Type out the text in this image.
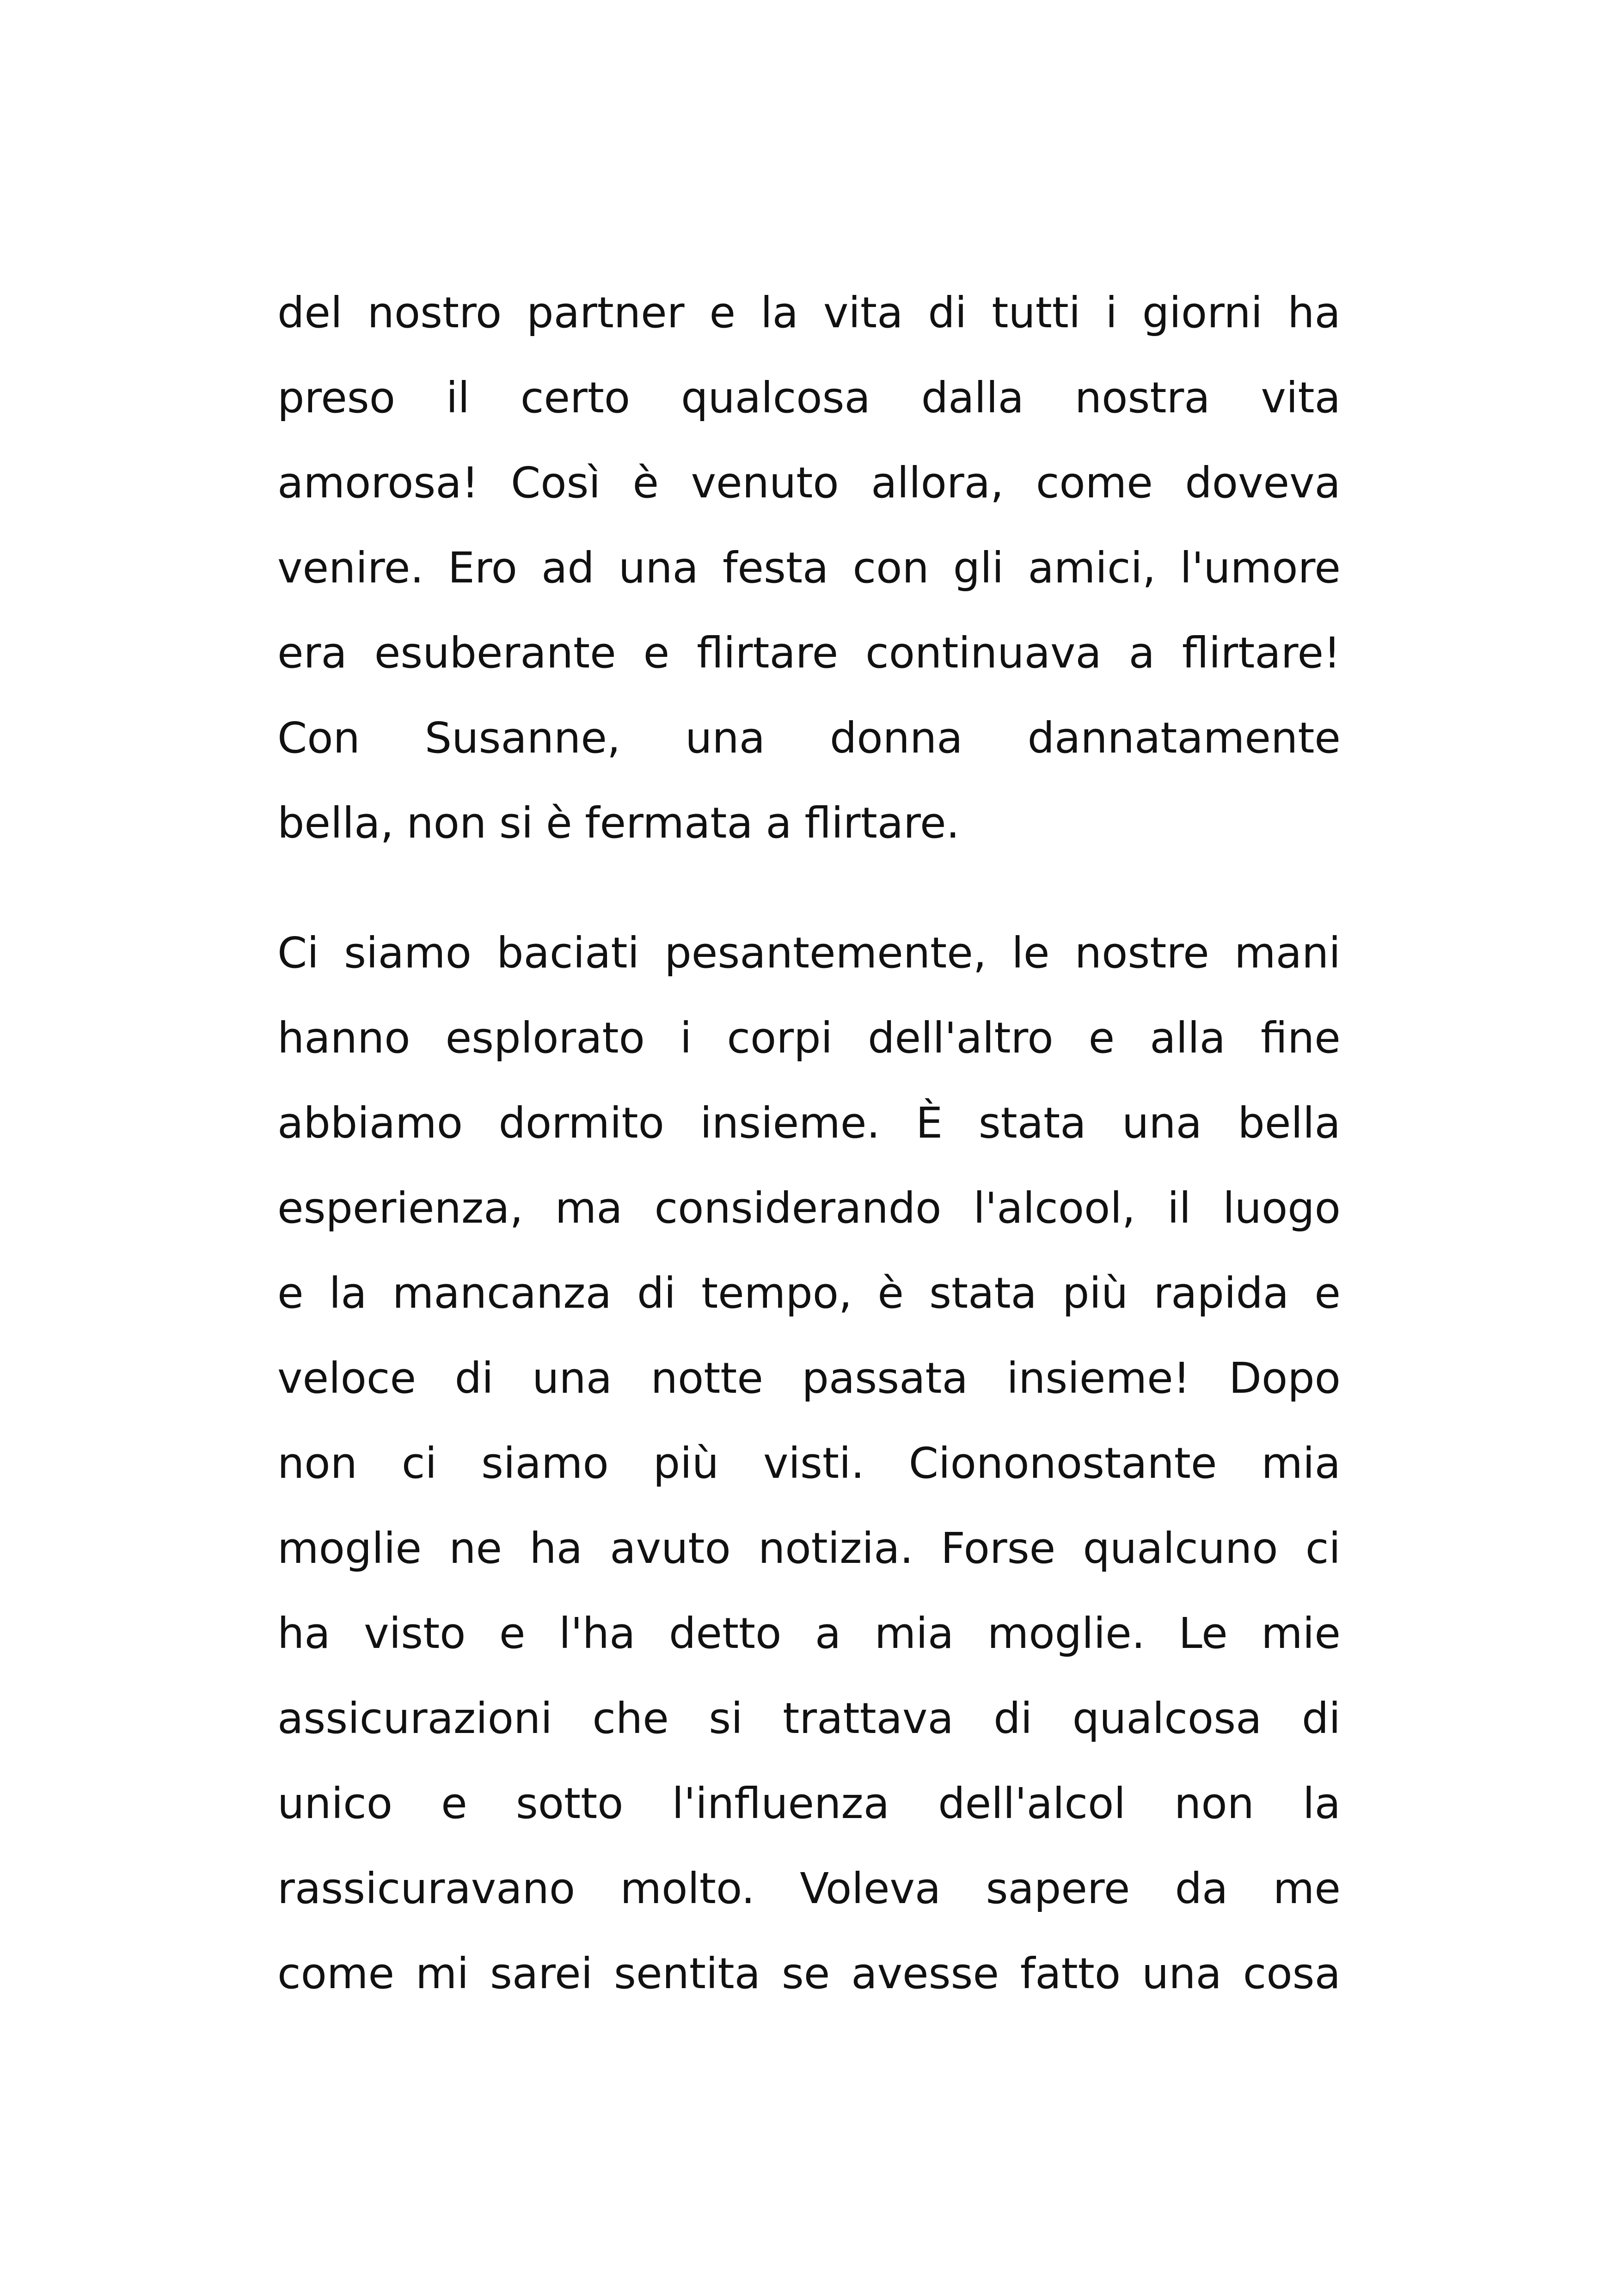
del nostro partner e la vita di tutti i giorni ha
preso il certo qualcosa dalla nostra vita
amorosa! Così è venuto allora, come doveva
venire. Ero ad una festa con gli amici, l'umore
era esuberante e flirtare continuava a flirtare!
Con Susanne, una donna dannatamente
bella, non si è fermata a flirtare.
Ci siamo baciati pesantemente, le nostre mani
hanno esplorato i corpi dell'altro e alla fine
abbiamo dormito insieme. È stata una bella
esperienza, ma considerando l'alcool, il luogo
e la mancanza di tempo, è stata più rapida e
veloce di una notte passata insieme! Dopo
non ci siamo più visti. Ciononostante mia
moglie ne ha avuto notizia. Forse qualcuno ci
ha visto e l'ha detto a mia moglie. Le mie
assicurazioni che si trattava di qualcosa di
unico e sotto l'influenza dell'alcol non la
rassicuravano molto. Voleva sapere da me
come mi sarei sentita se avesse fatto una cosa
